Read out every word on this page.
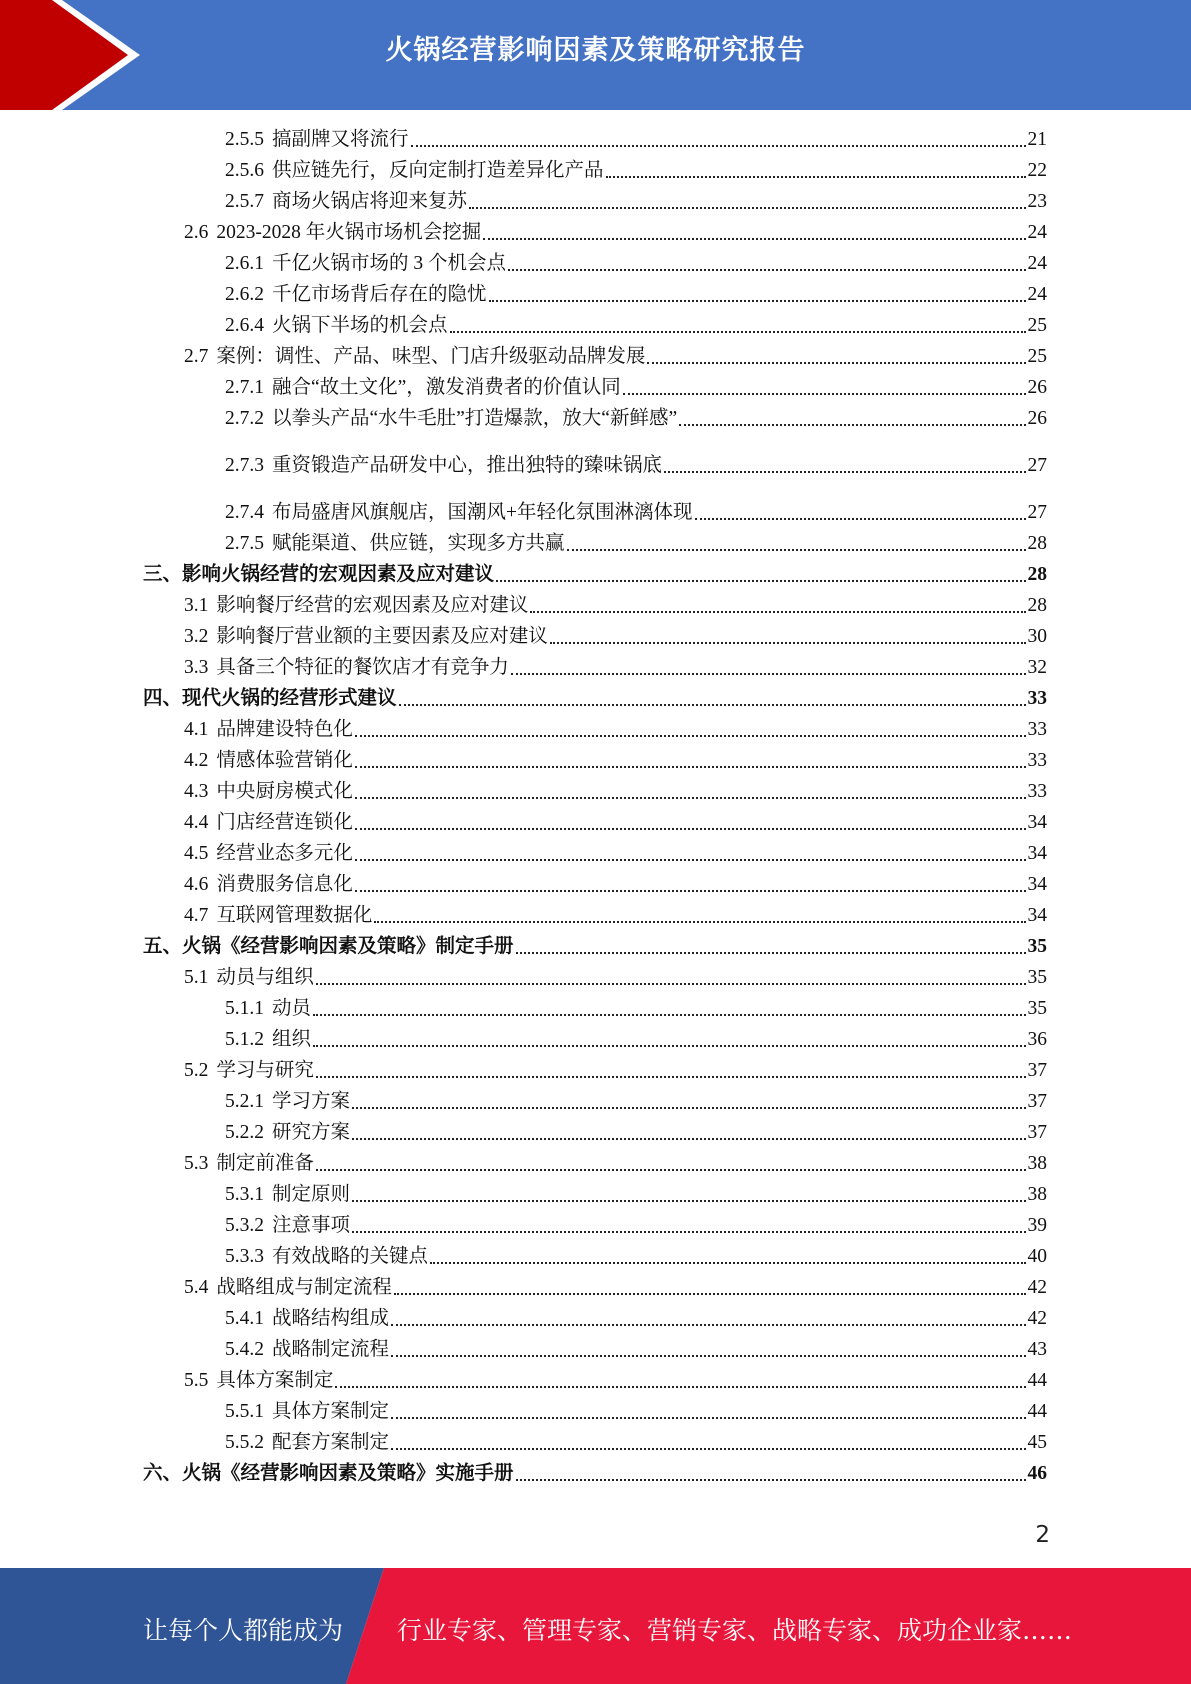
火锅经营影响因素及策略研究报告
2.5.5 搞副牌又将流行	21
2.5.6 供应链先行，反向定制打造差异化产品	22
2.5.7 商场火锅店将迎来复苏	23
2.6 2023-2028 年火锅市场机会挖掘	24
2.6.1 千亿火锅市场的 3 个机会点	24
2.6.2 千亿市场背后存在的隐忧	24
2.6.4 火锅下半场的机会点	25
2.7 案例：调性、产品、味型、门店升级驱动品牌发展	25
2.7.1 融合“故土文化”，激发消费者的价值认同	26
2.7.2 以拳头产品“水牛毛肚”打造爆款，放大“新鲜感”	26
2.7.3 重资锻造产品研发中心，推出独特的臻味锅底	27
2.7.4 布局盛唐风旗舰店，国潮风+年轻化氛围淋漓体现	27
2.7.5 赋能渠道、供应链，实现多方共赢	28
三、 影响火锅经营的宏观因素及应对建议	28
3.1 影响餐厅经营的宏观因素及应对建议	28
3.2 影响餐厅营业额的主要因素及应对建议	30
3.3 具备三个特征的餐饮店才有竞争力	32
四、 现代火锅的经营形式建议	33
4.1 品牌建设特色化	33
4.2 情感体验营销化	33
4.3 中央厨房模式化	33
4.4 门店经营连锁化	34
4.5 经营业态多元化	34
4.6 消费服务信息化	34
4.7 互联网管理数据化	34
五、 火锅《经营影响因素及策略》制定手册	35
5.1 动员与组织	35
5.1.1 动员	35
5.1.2 组织	36
5.2 学习与研究	37
5.2.1 学习方案	37
5.2.2 研究方案	37
5.3 制定前准备	38
5.3.1 制定原则	38
5.3.2 注意事项	39
5.3.3 有效战略的关键点	40
5.4 战略组成与制定流程	42
5.4.1 战略结构组成	42
5.4.2 战略制定流程	43
5.5 具体方案制定	44
5.5.1 具体方案制定	44
5.5.2 配套方案制定	45
六、 火锅《经营影响因素及策略》实施手册	46
2
让每个人都能成为 行业专家、管理专家、营销专家、战略专家、成功企业家……
